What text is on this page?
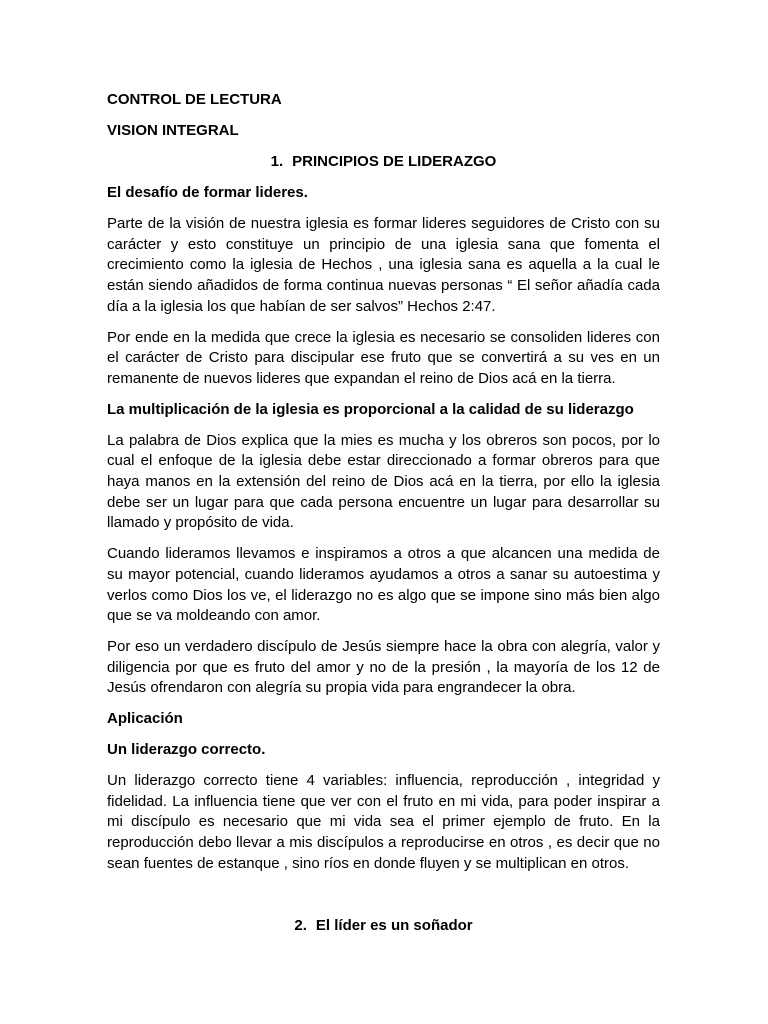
CONTROL DE LECTURA

VISION INTEGRAL

1. PRINCIPIOS DE LIDERAZGO

El desafío de formar lideres.

Parte de la visión de nuestra iglesia es formar lideres seguidores de Cristo con su carácter y esto constituye un principio de una iglesia sana que fomenta el crecimiento como la iglesia de Hechos , una iglesia sana es aquella a la cual le están siendo añadidos de forma continua nuevas personas “ El señor añadía cada día a la iglesia los que habían de ser salvos” Hechos 2:47.

Por ende en la medida que crece la iglesia es necesario se consoliden lideres con el carácter de Cristo para discipular ese fruto que se convertirá a su ves en un remanente de nuevos lideres que expandan el reino de Dios acá en la tierra.

La multiplicación de la iglesia es proporcional a la calidad de su liderazgo

La palabra de Dios explica que la mies es mucha y los obreros son pocos, por lo cual el enfoque de la iglesia debe estar direccionado a formar obreros para que haya manos en la extensión del reino de Dios acá en la tierra, por ello la iglesia debe ser un lugar para que cada persona encuentre un lugar para desarrollar su llamado y propósito de vida.

Cuando lideramos llevamos e inspiramos a otros a que alcancen una medida de su mayor potencial, cuando lideramos ayudamos a otros a sanar su autoestima y verlos como Dios los ve, el liderazgo no es algo que se impone sino más bien algo que se va moldeando con amor.

Por eso un verdadero discípulo de Jesús siempre hace la obra con alegría, valor y diligencia por que es fruto del amor y no de la presión , la mayoría de los 12 de Jesús ofrendaron con alegría su propia vida para engrandecer la obra.

Aplicación

Un liderazgo correcto.

Un liderazgo correcto tiene 4 variables: influencia, reproducción , integridad y fidelidad. La influencia tiene que ver con el fruto en mi vida, para poder inspirar a mi discípulo es necesario que mi vida sea el primer ejemplo de fruto. En la reproducción debo llevar a mis discípulos a reproducirse en otros , es decir que no sean fuentes de estanque , sino ríos en donde fluyen y se multiplican en otros.

2. El líder es un soñador
